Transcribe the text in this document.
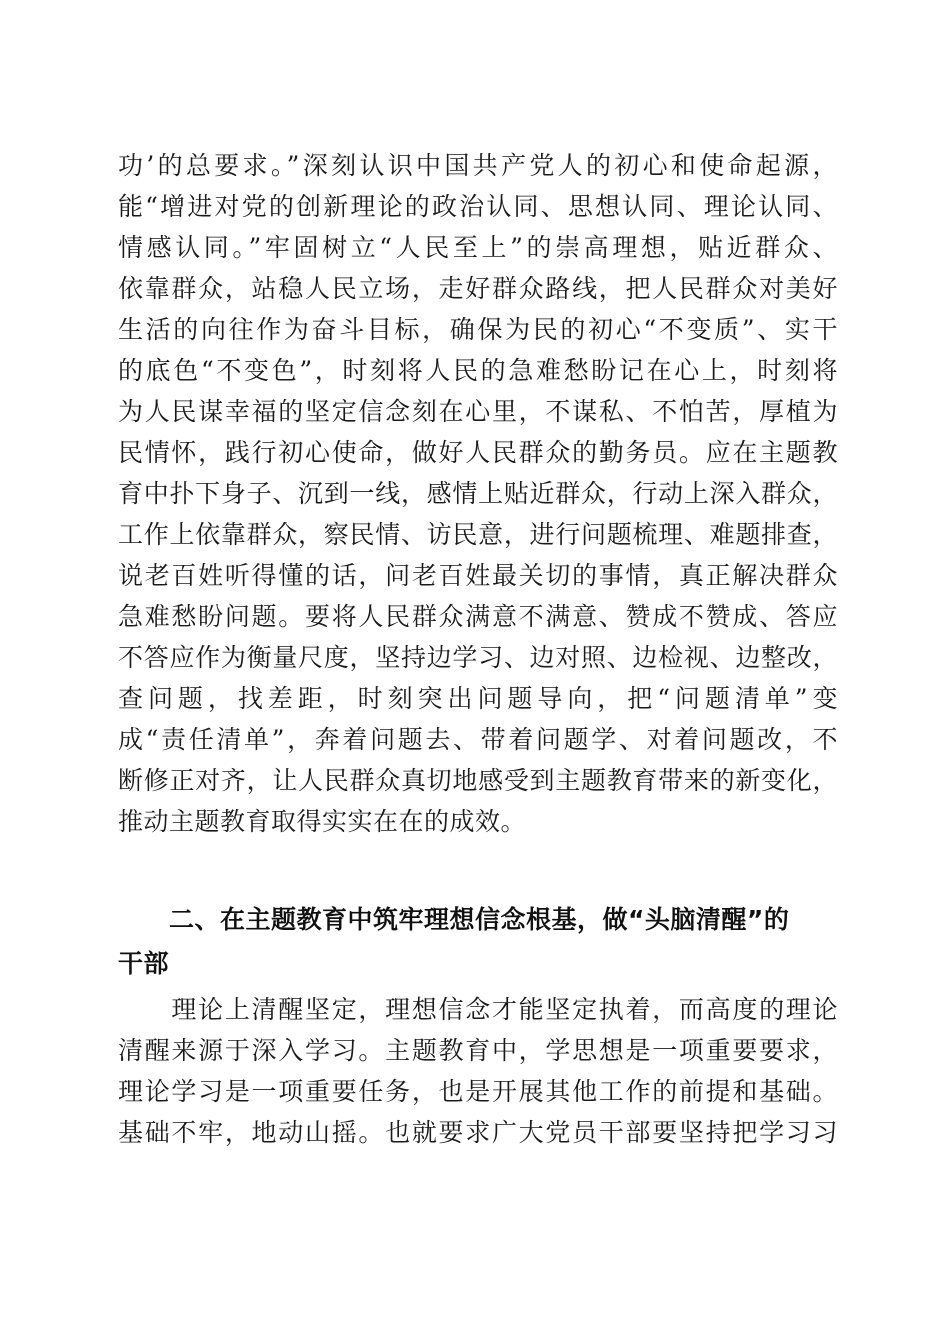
功’的总要求。”深刻认识中国共产党人的初心和使命起源，
能“增进对党的创新理论的政治认同、思想认同、理论认同、
情感认同。”牢固树立“人民至上”的崇高理想，贴近群众、
依靠群众，站稳人民立场，走好群众路线，把人民群众对美好
生活的向往作为奋斗目标，确保为民的初心“不变质”、实干
的底色“不变色”，时刻将人民的急难愁盼记在心上，时刻将
为人民谋幸福的坚定信念刻在心里，不谋私、不怕苦，厚植为
民情怀，践行初心使命，做好人民群众的勤务员。应在主题教
育中扑下身子、沉到一线，感情上贴近群众，行动上深入群众，
工作上依靠群众，察民情、访民意，进行问题梳理、难题排查，
说老百姓听得懂的话，问老百姓最关切的事情，真正解决群众
急难愁盼问题。要将人民群众满意不满意、赞成不赞成、答应
不答应作为衡量尺度，坚持边学习、边对照、边检视、边整改，
查问题，找差距，时刻突出问题导向，把“问题清单”变
成“责任清单”，奔着问题去、带着问题学、对着问题改，不
断修正对齐，让人民群众真切地感受到主题教育带来的新变化，
推动主题教育取得实实在在的成效。
　　二、在主题教育中筑牢理想信念根基，做“头脑清醒”的
干部
　　理论上清醒坚定，理想信念才能坚定执着，而高度的理论
清醒来源于深入学习。主题教育中，学思想是一项重要要求，
理论学习是一项重要任务，也是开展其他工作的前提和基础。
基础不牢，地动山摇。也就要求广大党员干部要坚持把学习习
